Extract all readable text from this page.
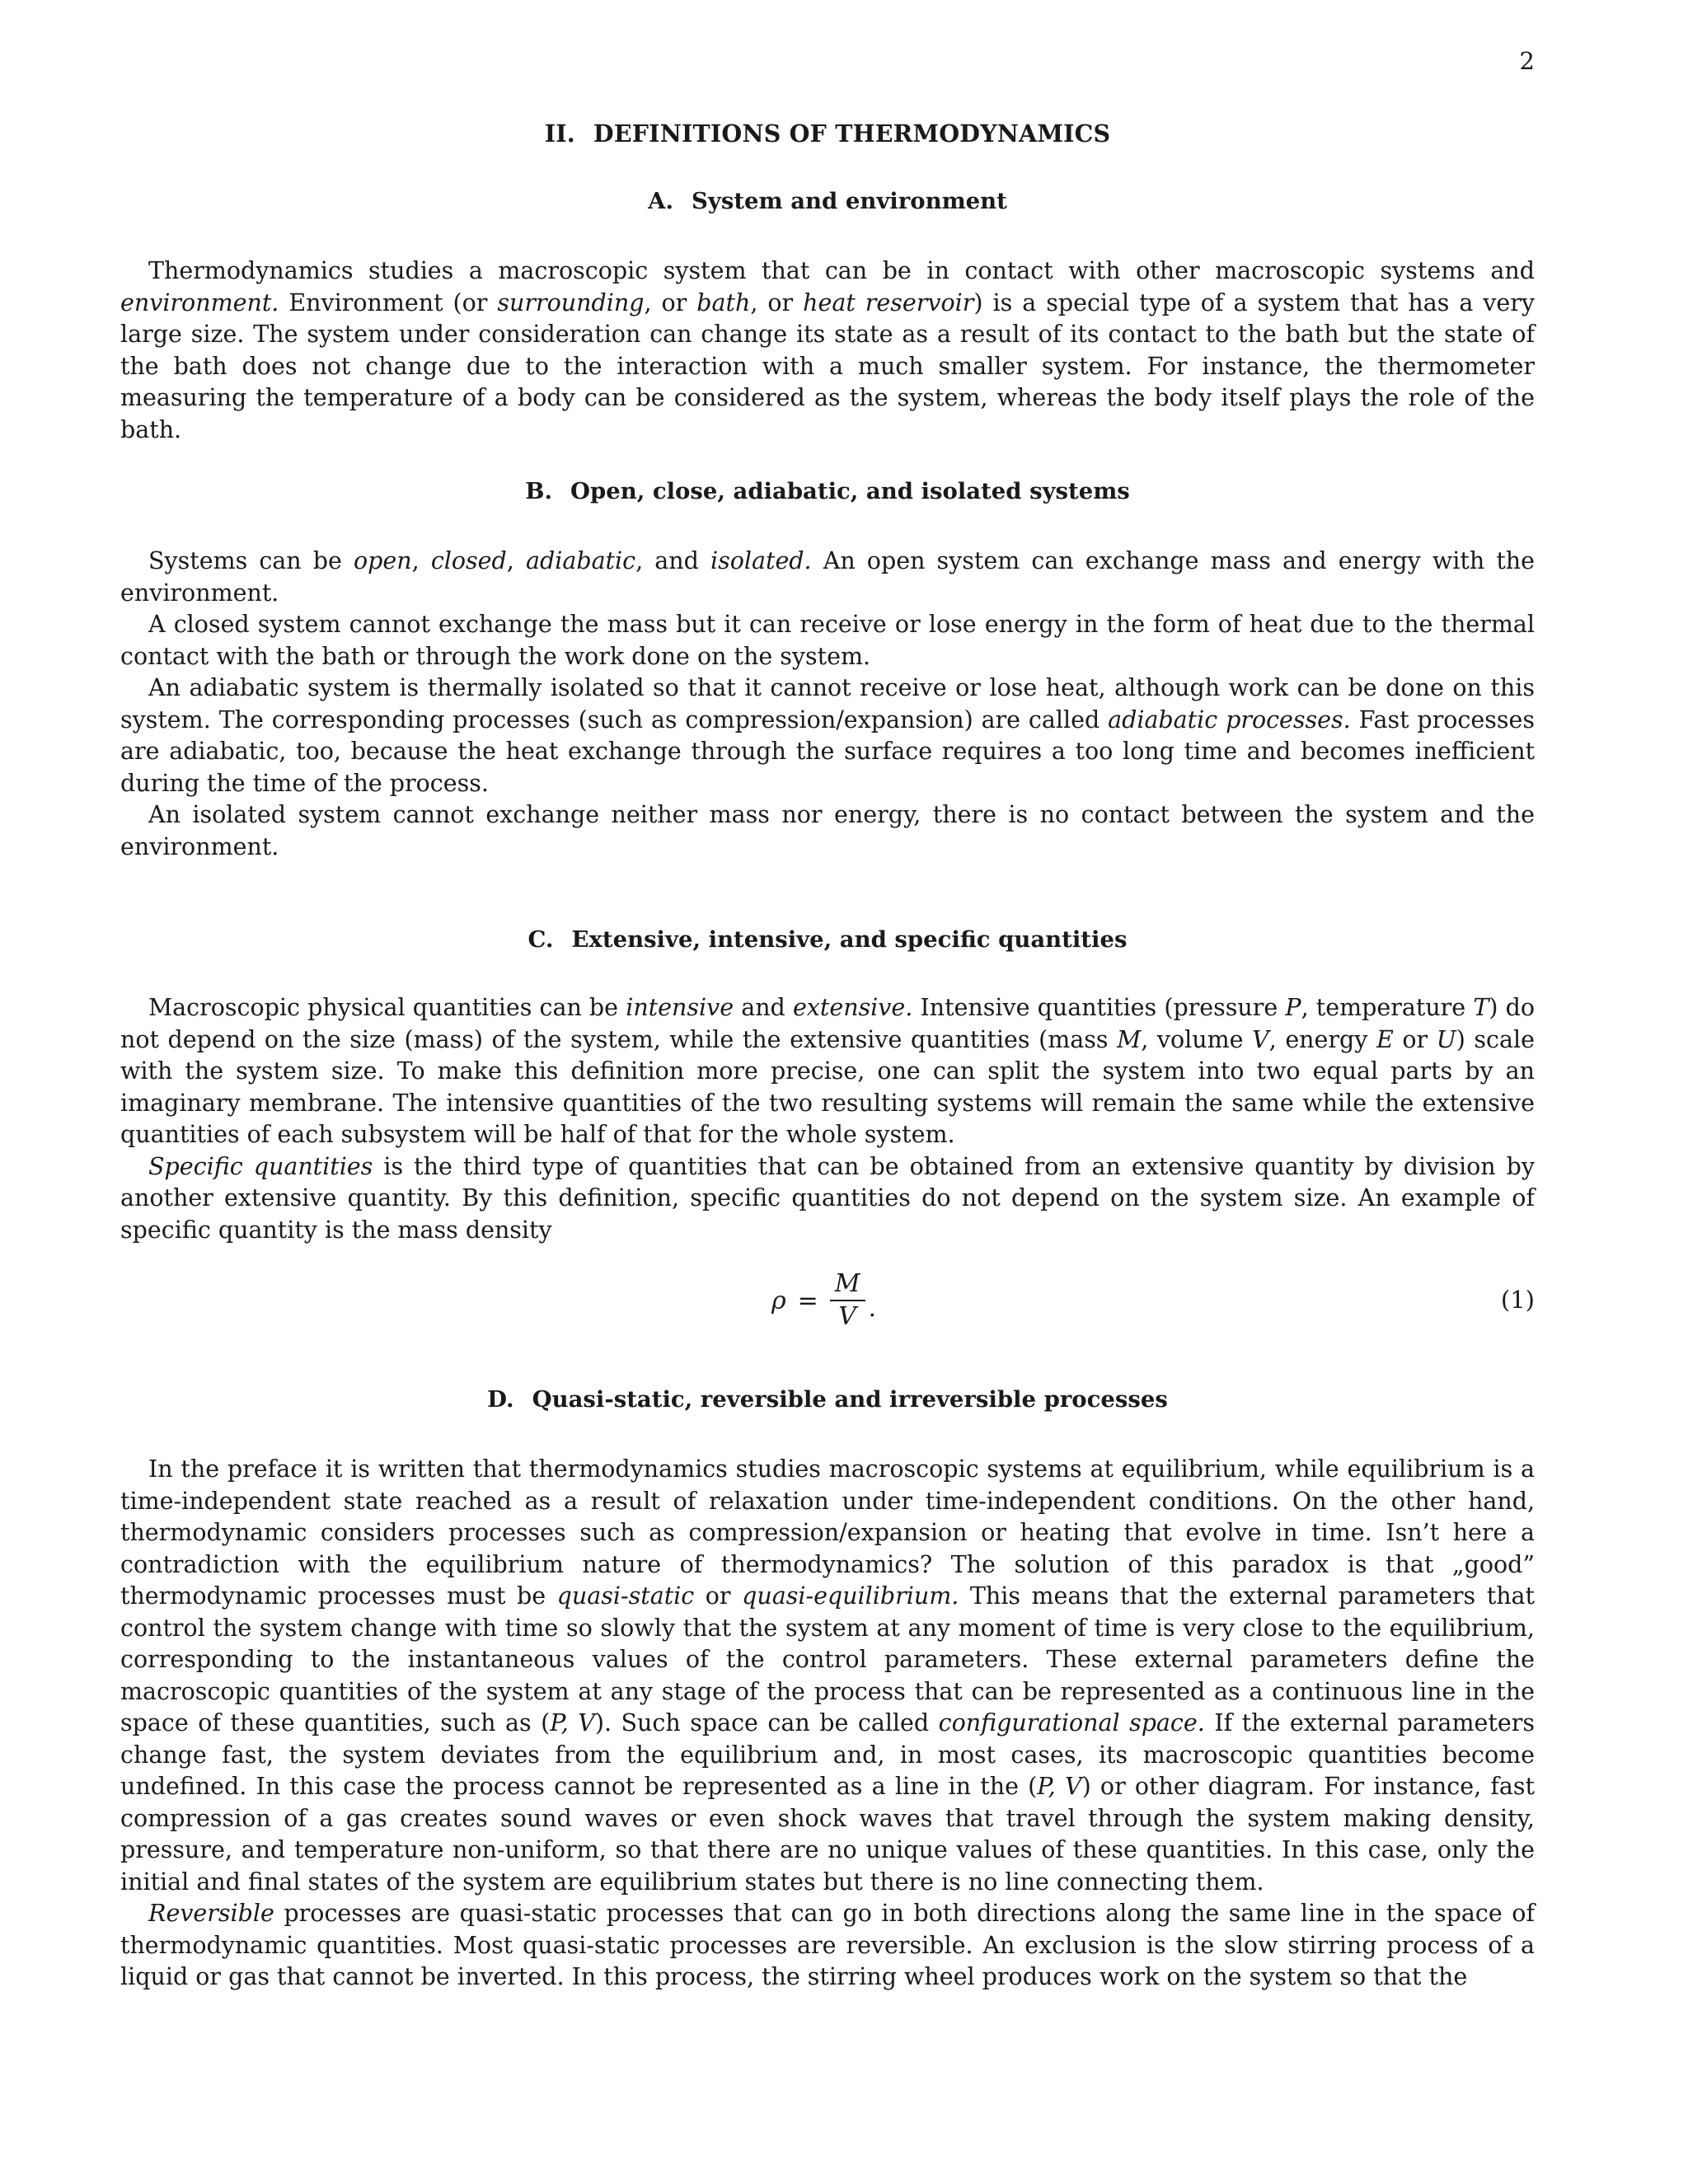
2
II. DEFINITIONS OF THERMODYNAMICS
A. System and environment

Thermodynamics studies a macroscopic system that can be in contact with other macroscopic systems and environment. Environment (or surrounding, or bath, or heat reservoir) is a special type of a system that has a very large size. The system under consideration can change its state as a result of its contact to the bath but the state of the bath does not change due to the interaction with a much smaller system. For instance, the thermometer measuring the temperature of a body can be considered as the system, whereas the body itself plays the role of the bath.

B. Open, close, adiabatic, and isolated systems

Systems can be open, closed, adiabatic, and isolated. An open system can exchange mass and energy with the environment.

A closed system cannot exchange the mass but it can receive or lose energy in the form of heat due to the thermal contact with the bath or through the work done on the system.

An adiabatic system is thermally isolated so that it cannot receive or lose heat, although work can be done on this system. The corresponding processes (such as compression/expansion) are called adiabatic processes. Fast processes are adiabatic, too, because the heat exchange through the surface requires a too long time and becomes inefficient during the time of the process.

An isolated system cannot exchange neither mass nor energy, there is no contact between the system and the environment.

C. Extensive, intensive, and specific quantities

Macroscopic physical quantities can be intensive and extensive. Intensive quantities (pressure P, temperature T) do not depend on the size (mass) of the system, while the extensive quantities (mass M, volume V, energy E or U) scale with the system size. To make this definition more precise, one can split the system into two equal parts by an imaginary membrane. The intensive quantities of the two resulting systems will remain the same while the extensive quantities of each subsystem will be half of that for the whole system.

Specific quantities is the third type of quantities that can be obtained from an extensive quantity by division by another extensive quantity. By this definition, specific quantities do not depend on the system size. An example of specific quantity is the mass density

$\rho = \frac{M}{V}$ .	(1)
D. Quasi-static, reversible and irreversible processes

In the preface it is written that thermodynamics studies macroscopic systems at equilibrium, while equilibrium is a time-independent state reached as a result of relaxation under time-independent conditions. On the other hand, thermodynamic considers processes such as compression/expansion or heating that evolve in time. Isn’t here a contradiction with the equilibrium nature of thermodynamics? The solution of this paradox is that „good” thermodynamic processes must be quasi-static or quasi-equilibrium. This means that the external parameters that control the system change with time so slowly that the system at any moment of time is very close to the equilibrium, corresponding to the instantaneous values of the control parameters. These external parameters define the macroscopic quantities of the system at any stage of the process that can be represented as a continuous line in the space of these quantities, such as (P, V). Such space can be called configurational space. If the external parameters change fast, the system deviates from the equilibrium and, in most cases, its macroscopic quantities become undefined. In this case the process cannot be represented as a line in the (P, V) or other diagram. For instance, fast compression of a gas creates sound waves or even shock waves that travel through the system making density, pressure, and temperature non-uniform, so that there are no unique values of these quantities. In this case, only the initial and final states of the system are equilibrium states but there is no line connecting them.

Reversible processes are quasi-static processes that can go in both directions along the same line in the space of thermodynamic quantities. Most quasi-static processes are reversible. An exclusion is the slow stirring process of a liquid or gas that cannot be inverted. In this process, the stirring wheel produces work on the system so that the
